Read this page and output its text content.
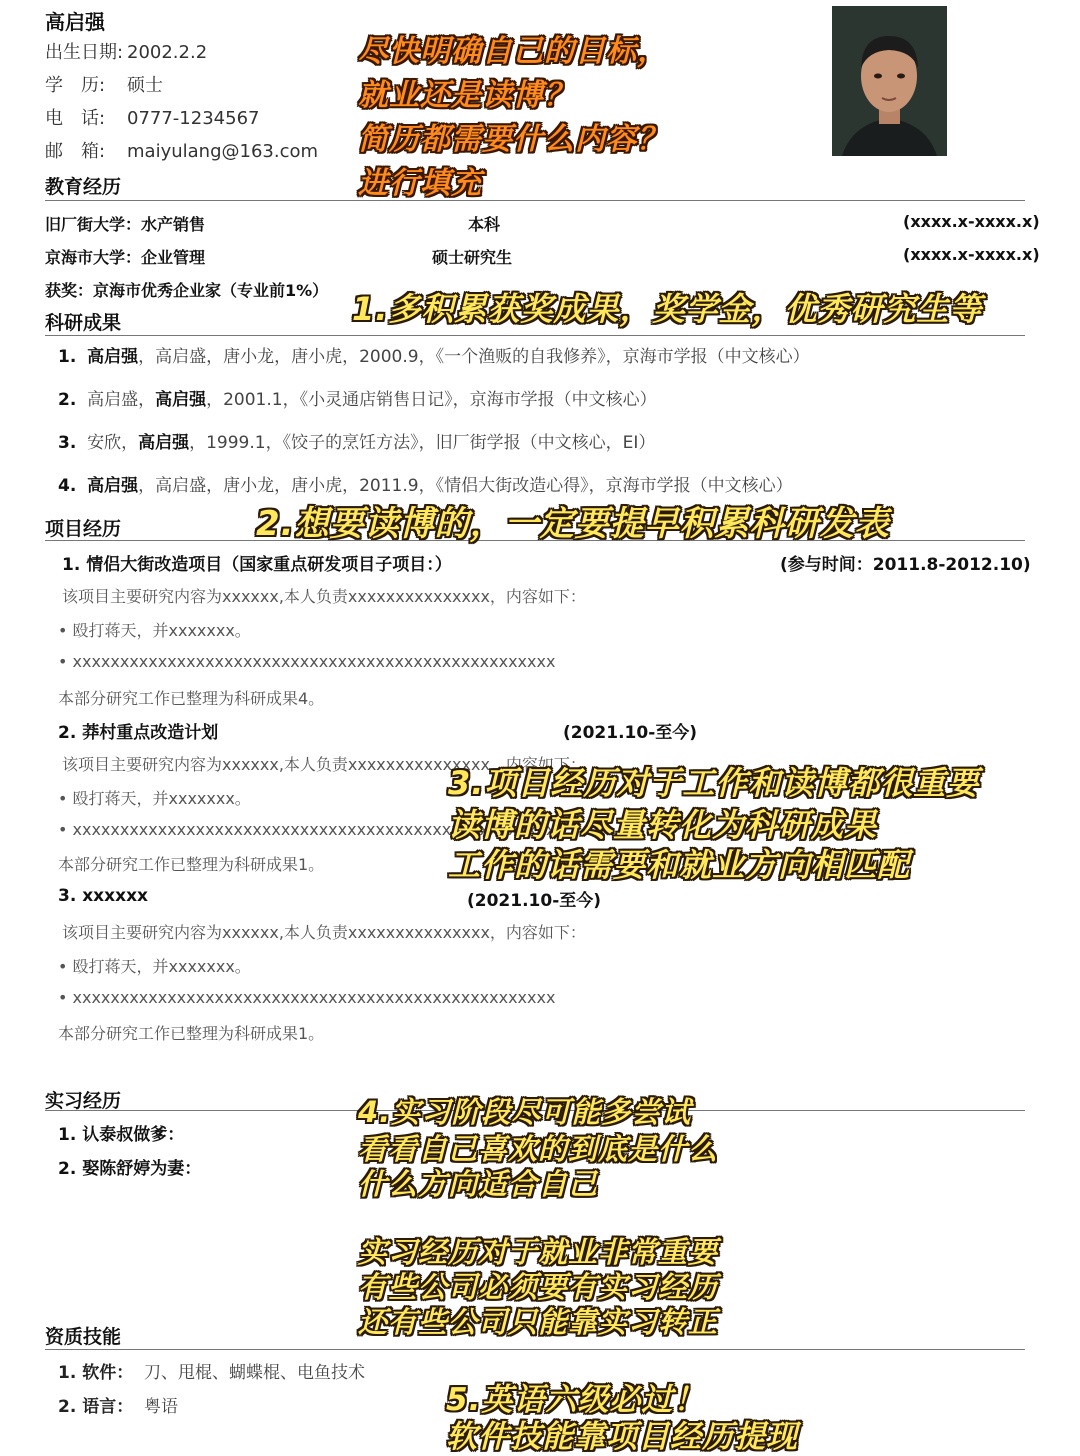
高启强
出生日期: 2002.2.2
学　历: 硕士
电　话: 0777-1234567
邮　箱: maiyulang@163.com
教育经历
旧厂街大学：水产销售	本科	(xxxx.x-xxxx.x)
京海市大学：企业管理	硕士研究生	(xxxx.x-xxxx.x)
获奖：京海市优秀企业家（专业前1%）
科研成果
1. 高启强，高启盛，唐小龙，唐小虎，2000.9，《一个渔贩的自我修养》，京海市学报（中文核心）
2. 高启盛，高启强，2001.1，《小灵通店销售日记》，京海市学报（中文核心）
3. 安欣，高启强，1999.1，《饺子的烹饪方法》，旧厂街学报（中文核心，EI）
4. 高启强，高启盛，唐小龙，唐小虎，2011.9，《情侣大街改造心得》，京海市学报（中文核心）
项目经历
1. 情侣大街改造项目（国家重点研发项目子项目：）	(参与时间：2011.8-2012.10)
该项目主要研究内容为xxxxxx,本人负责xxxxxxxxxxxxxxx，内容如下：
• 殴打蒋天，并xxxxxxx。
• xxxxxxxxxxxxxxxxxxxxxxxxxxxxxxxxxxxxxxxxxxxxxxxxxxx
本部分研究工作已整理为科研成果4。
2. 莽村重点改造计划	(2021.10-至今)
该项目主要研究内容为xxxxxx,本人负责xxxxxxxxxxxxxxx，内容如下：
• 殴打蒋天，并xxxxxxx。
• xxxxxxxxxxxxxxxxxxxxxxxxxxxxxxxxxxxxxxxxxxxxxxxxxxx
本部分研究工作已整理为科研成果1。
3. xxxxxx	(2021.10-至今)
该项目主要研究内容为xxxxxx,本人负责xxxxxxxxxxxxxxx，内容如下：
• 殴打蒋天，并xxxxxxx。
• xxxxxxxxxxxxxxxxxxxxxxxxxxxxxxxxxxxxxxxxxxxxxxxxxxx
本部分研究工作已整理为科研成果1。
实习经历
1. 认泰叔做爹：
2. 娶陈舒婷为妻：
资质技能
1. 软件： 刀、甩棍、蝴蝶棍、电鱼技术
2. 语言： 粤语
尽快明确自己的目标，
就业还是读博？
简历都需要什么内容？
进行填充
1.多积累获奖成果，奖学金，优秀研究生等
2.想要读博的，一定要提早积累科研发表
3.项目经历对于工作和读博都很重要
读博的话尽量转化为科研成果
工作的话需要和就业方向相匹配
4.实习阶段尽可能多尝试
看看自己喜欢的到底是什么
什么方向适合自己
实习经历对于就业非常重要
有些公司必须要有实习经历
还有些公司只能靠实习转正
5.英语六级必过！
软件技能靠项目经历提现
